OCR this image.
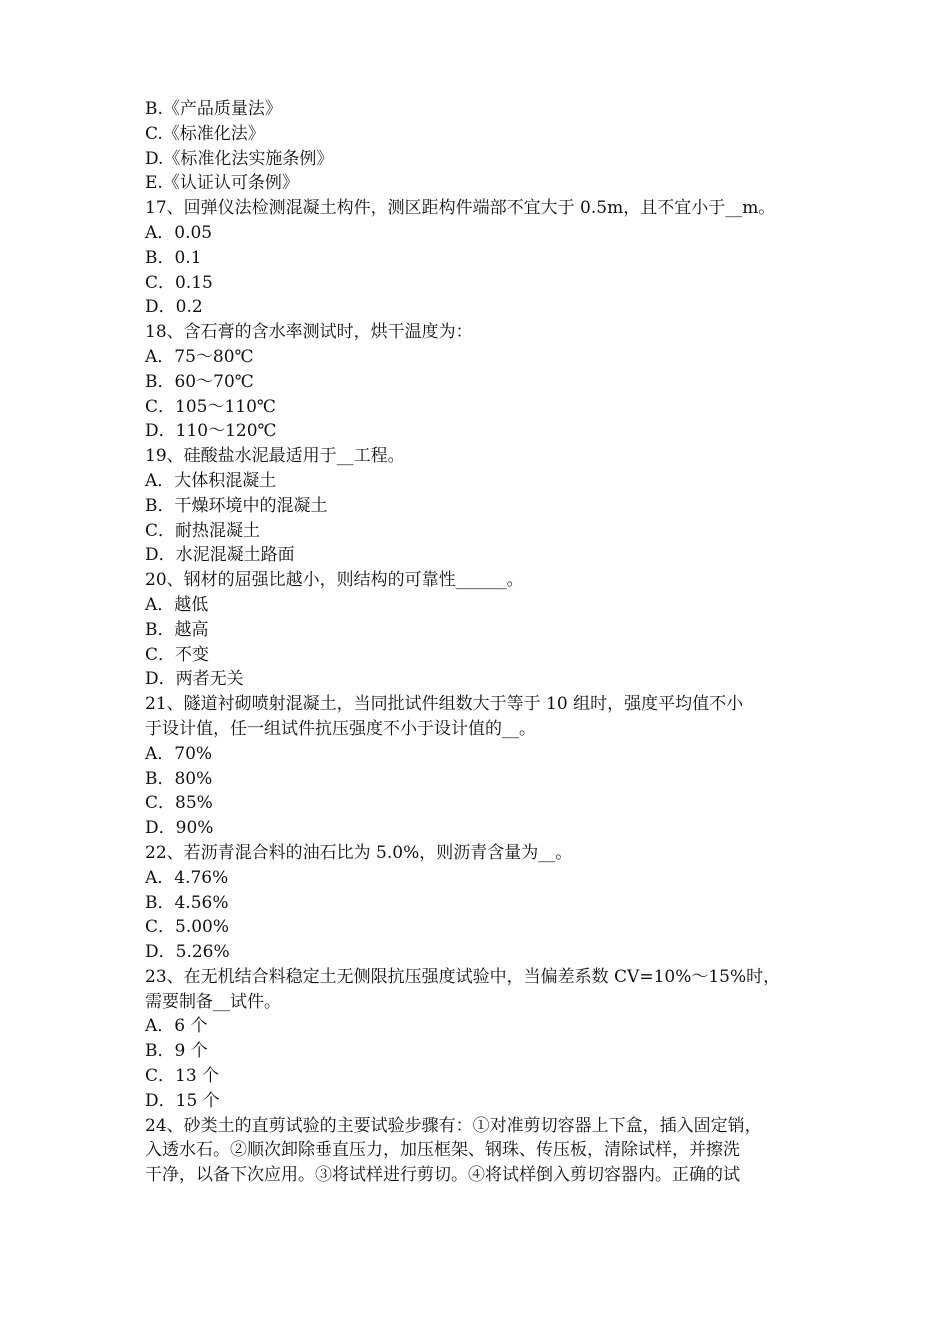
B.《产品质量法》
C.《标准化法》
D.《标准化法实施条例》
E.《认证认可条例》
17、回弹仪法检测混凝土构件，测区距构件端部不宜大于 0.5m，且不宜小于__m。
A．0.05
B．0.1
C．0.15
D．0.2
18、含石膏的含水率测试时，烘干温度为：
A．75～80℃
B．60～70℃
C．105～110℃
D．110～120℃
19、硅酸盐水泥最适用于__工程。
A．大体积混凝土
B．干燥环境中的混凝土
C．耐热混凝土
D．水泥混凝土路面
20、钢材的屈强比越小，则结构的可靠性______。
A．越低
B．越高
C．不变
D．两者无关
21、隧道衬砌喷射混凝土，当同批试件组数大于等于 10 组时，强度平均值不小
于设计值，任一组试件抗压强度不小于设计值的__。
A．70%
B．80%
C．85%
D．90%
22、若沥青混合料的油石比为 5.0%，则沥青含量为__。
A．4.76%
B．4.56%
C．5.00%
D．5.26%
23、在无机结合料稳定土无侧限抗压强度试验中，当偏差系数 CV=10%～15%时，
需要制备__试件。
A．6 个
B．9 个
C．13 个
D．15 个
24、砂类土的直剪试验的主要试验步骤有：①对准剪切容器上下盒，插入固定销，
入透水石。②顺次卸除垂直压力，加压框架、钢珠、传压板，清除试样，并擦洗
干净，以备下次应用。③将试样进行剪切。④将试样倒入剪切容器内。正确的试
